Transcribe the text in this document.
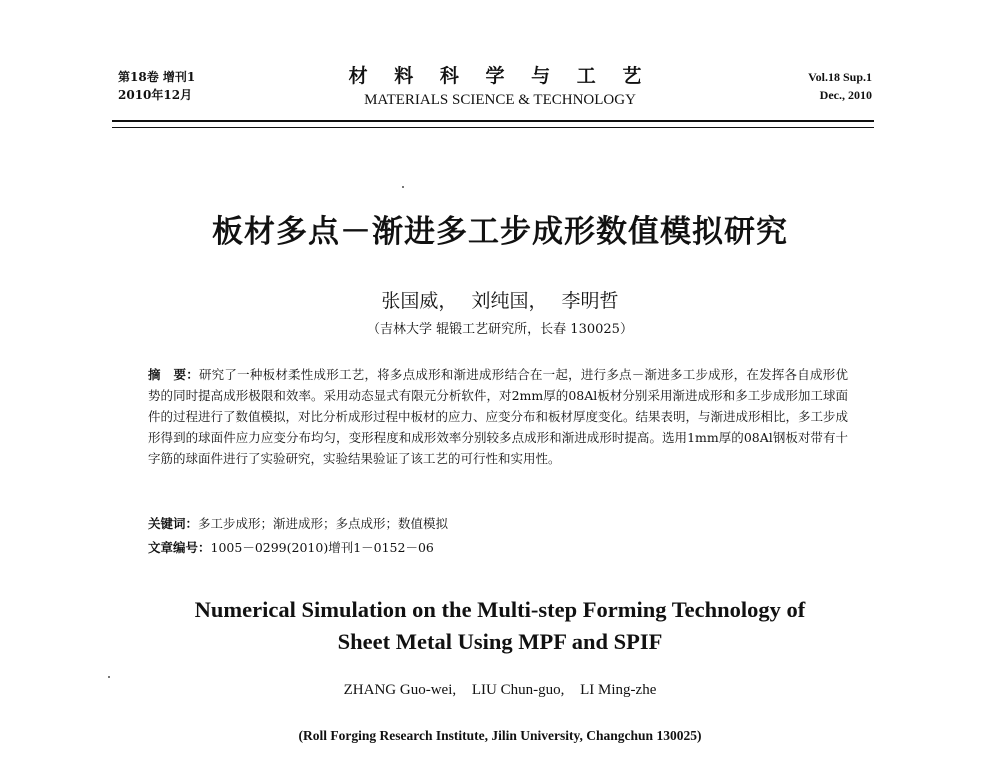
第18卷 增刊1
2010年12月
材 料 科 学 与 工 艺
MATERIALS SCIENCE & TECHNOLOGY
Vol.18 Sup.1
Dec., 2010
板材多点－渐进多工步成形数值模拟研究
张国威， 刘纯国， 李明哲
（吉林大学 辊锻工艺研究所，长春 130025）
摘　要：研究了一种板材柔性成形工艺，将多点成形和渐进成形结合在一起，进行多点－渐进多工步成形，在发挥各自成形优势的同时提高成形极限和效率。采用动态显式有限元分析软件，对2mm厚的08Al板材分别采用渐进成形和多工步成形加工球面件的过程进行了数值模拟，对比分析成形过程中板材的应力、应变分布和板材厚度变化。结果表明，与渐进成形相比，多工步成形得到的球面件应力应变分布均匀，变形程度和成形效率分别较多点成形和渐进成形时提高。选用1mm厚的08Al钢板对带有十字筋的球面件进行了实验研究，实验结果验证了该工艺的可行性和实用性。
关键词：多工步成形；渐进成形；多点成形；数值模拟
文章编号：1005－0299(2010)增刊1－0152－06
Numerical Simulation on the Multi-step Forming Technology of
Sheet Metal Using MPF and SPIF
ZHANG Guo-wei, LIU Chun-guo, LI Ming-zhe
(Roll Forging Research Institute, Jilin University, Changchun 130025)
